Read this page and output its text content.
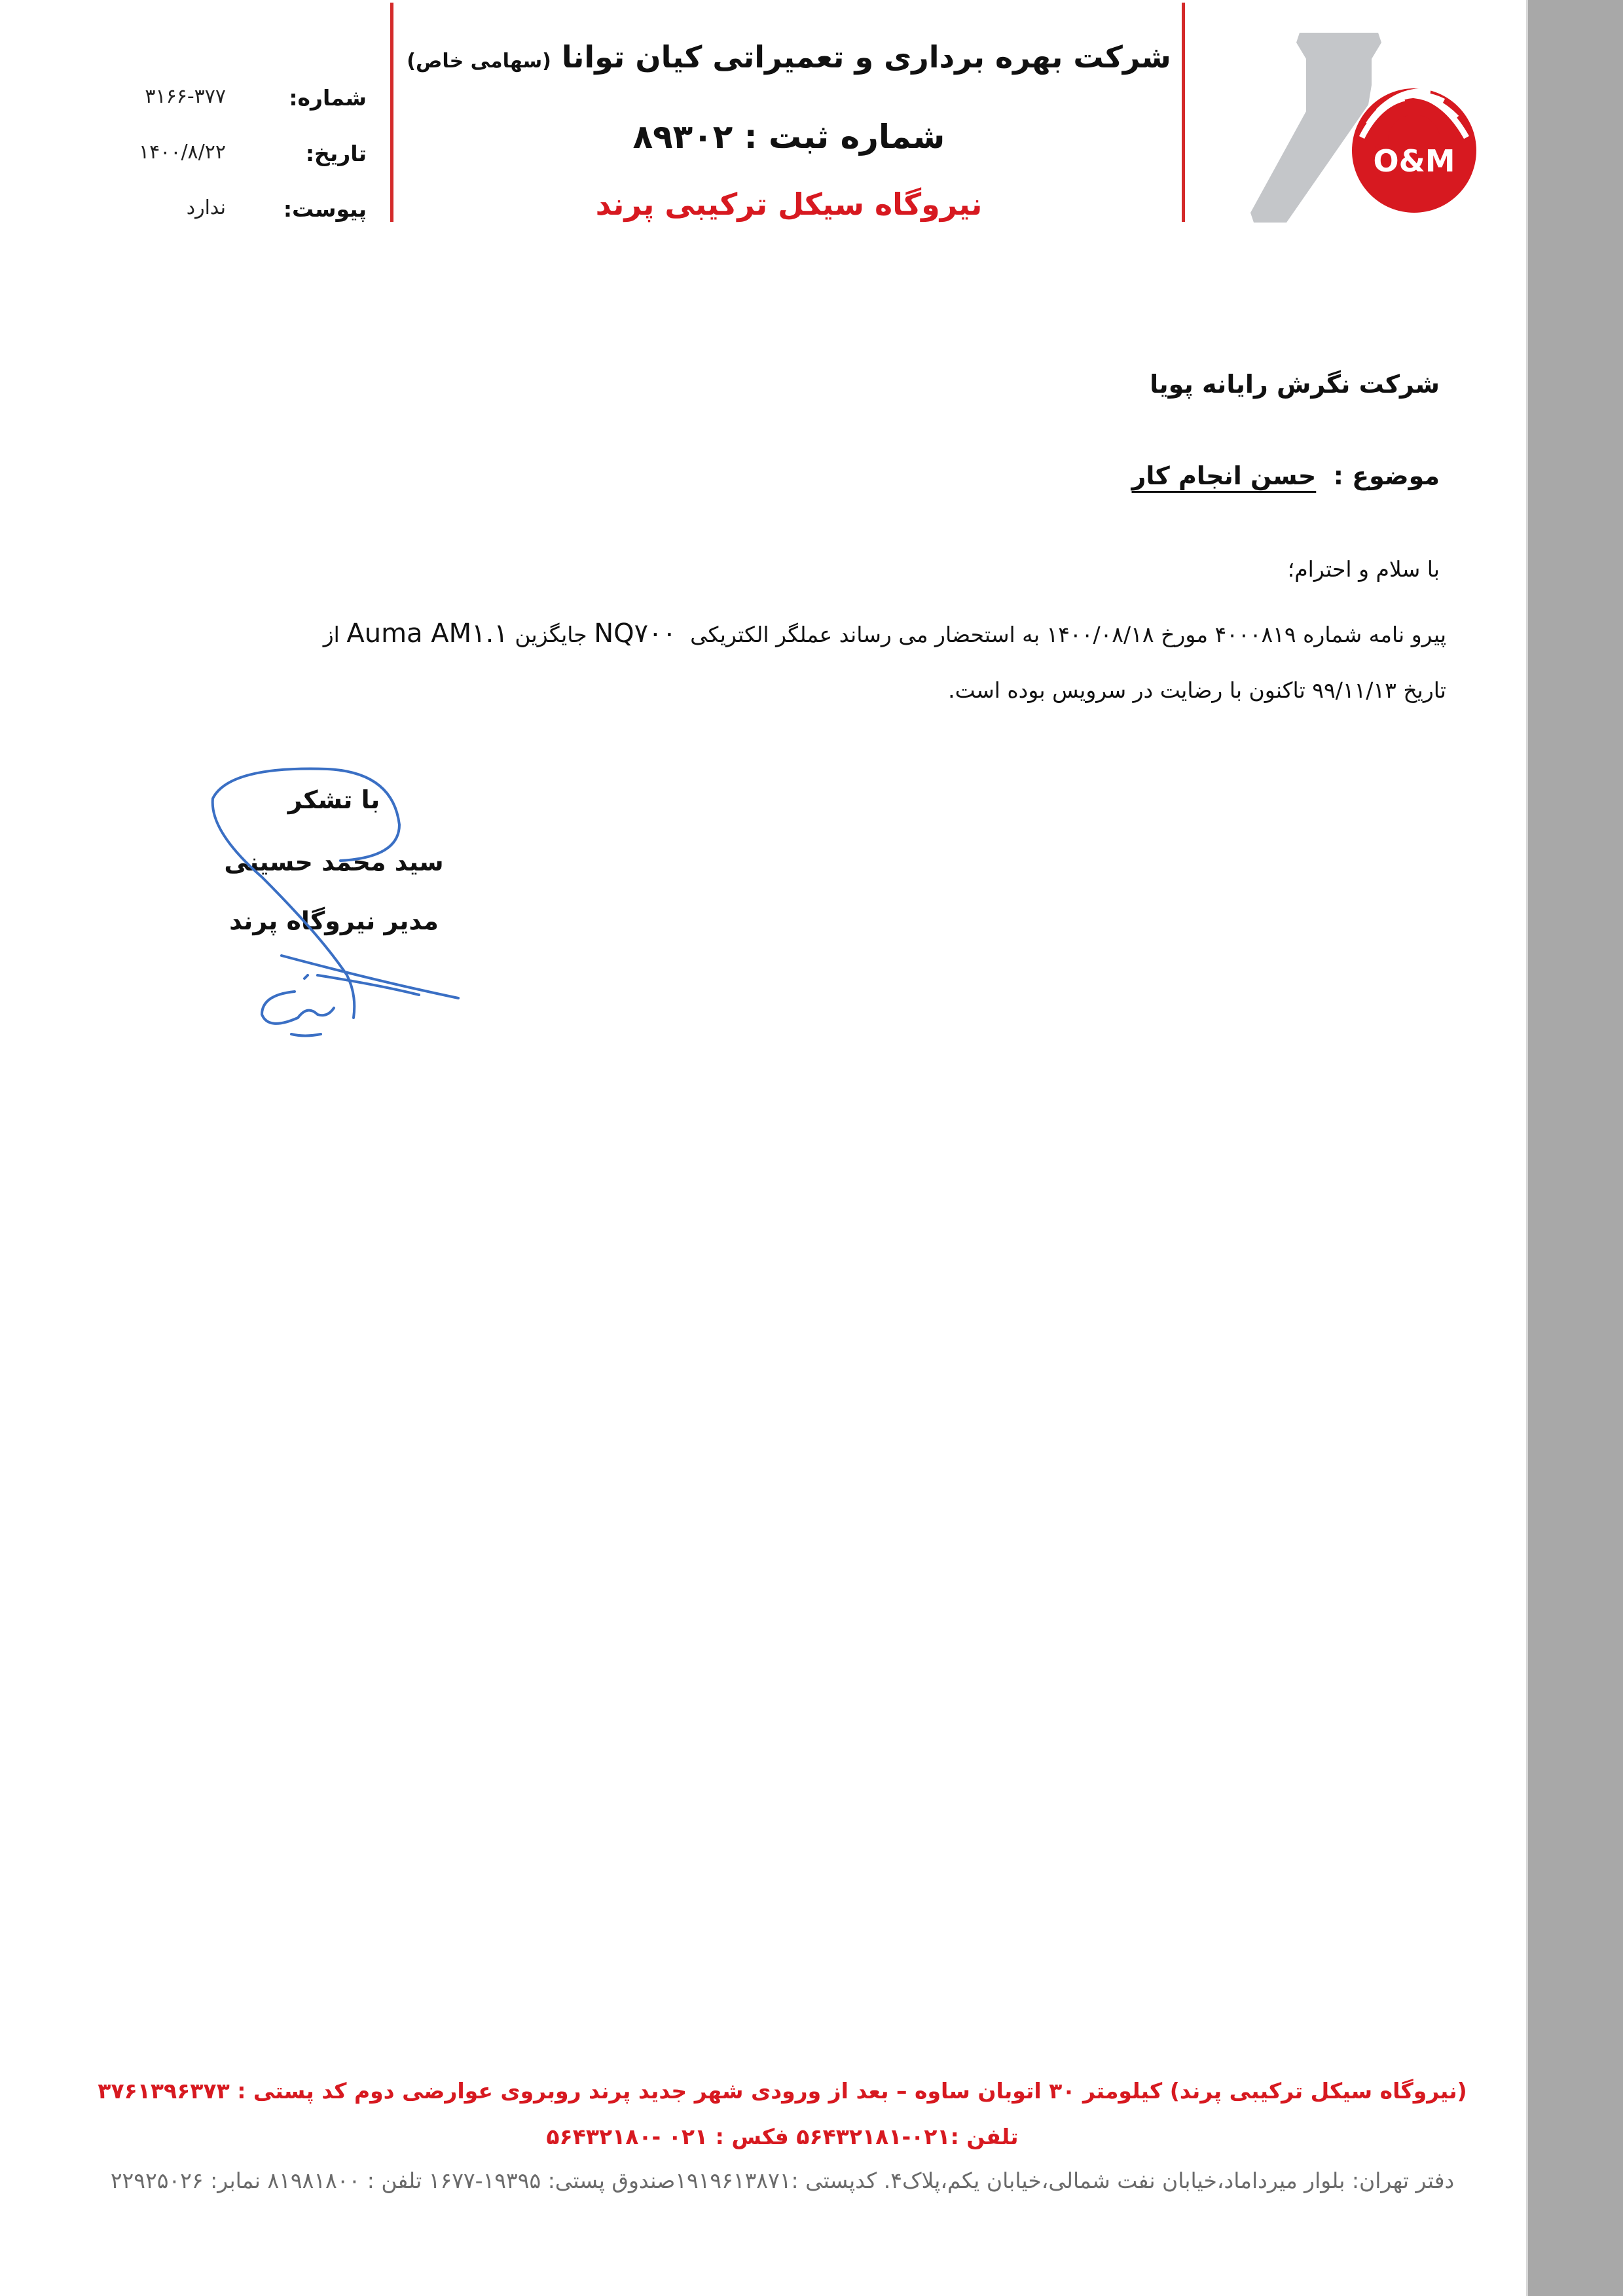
O&M
شرکت بهره برداری و تعمیراتی کیان توانا (سهامی خاص)
شماره ثبت : ۸۹۳۰۲
نیروگاه سیکل ترکیبی پرند
شماره:
۳۱۶۶-۳۷۷
تاریخ:
۱۴۰۰/۸/۲۲
پیوست:
ندارد
شرکت نگرش رایانه پویا
موضوع :  حسن انجام کار
با سلام و احترام؛
پیرو نامه شماره ۴۰۰۰۸۱۹ مورخ ۱۴۰۰/۰۸/۱۸ به استحضار می رساند عملگر الکتریکی  NQ۷۰۰ جایگزین Auma AM۱.۱ از
تاریخ ۹۹/۱۱/۱۳ تاکنون با رضایت در سرویس بوده است.
با تشکر
سید محمد حسینی
مدیر نیروگاه پرند
(نیروگاه سیکل ترکیبی پرند) کیلومتر ۳۰ اتوبان ساوه – بعد از ورودی شهر جدید پرند روبروی عوارضی دوم کد پستی : ۳۷۶۱۳۹۶۳۷۳
تلفن :۰۲۱-۵۶۴۳۲۱۸۱ فکس : ۰۲۱ -۵۶۴۳۲۱۸۰
دفتر تهران: بلوار میرداماد،خیابان نفت شمالی،خیابان یکم،پلاک۴. کدپستی :۱۹۱۹۶۱۳۸۷۱صندوق پستی: ۱۹۳۹۵-۱۶۷۷ تلفن : ۸۱۹۸۱۸۰۰ نمابر: ۲۲۹۲۵۰۲۶
